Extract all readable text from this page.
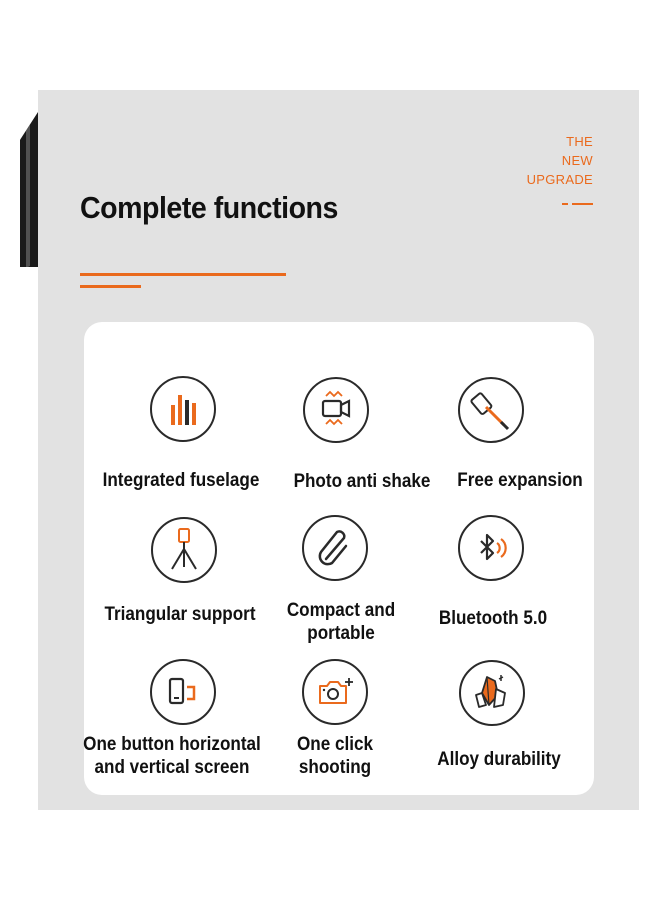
THE
NEW
UPGRADE
Complete functions
Integrated fuselage	Photo anti shake	Free expansion
Triangular support	Compact and
portable
Bluetooth 5.0
One button horizontal
and vertical screen
One click
shooting	Alloy durability
